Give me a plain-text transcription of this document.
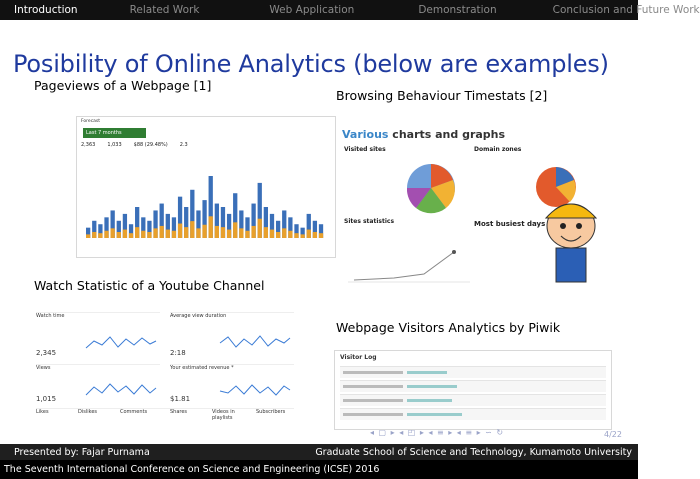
Introduction	Related Work	Web Application	Demonstration	Conclusion and Future Work
Posibility of Online Analytics (below are examples)
Pageviews of a Webpage [1]
Browsing Behaviour Timestats [2]
Watch Statistic of a Youtube Channel
Webpage Visitors Analytics by Piwik
Forecast
Last 7 months
2,363 1,033 $88 (29.48%) 2.3
Various charts and graphs
Visited sites	Domain zones
Sites statistics	Most busiest days
Watch time
2,345
Average view duration
2:18
Views
1,015
Your estimated revenue *
$1.81
Likes	Dislikes	Comments	Shares	Videos in playlists
Subscribers
Visitor Log
◂ ▢ ▸ ◂ ◰ ▸ ◂ ≡ ▸ ◂ ≡ ▸ ∽ ↻	4/22
Presented by: Fajar Purnama	Graduate School of Science and Technology, Kumamoto University
The Seventh International Conference on Science and Engineering (ICSE) 2016
